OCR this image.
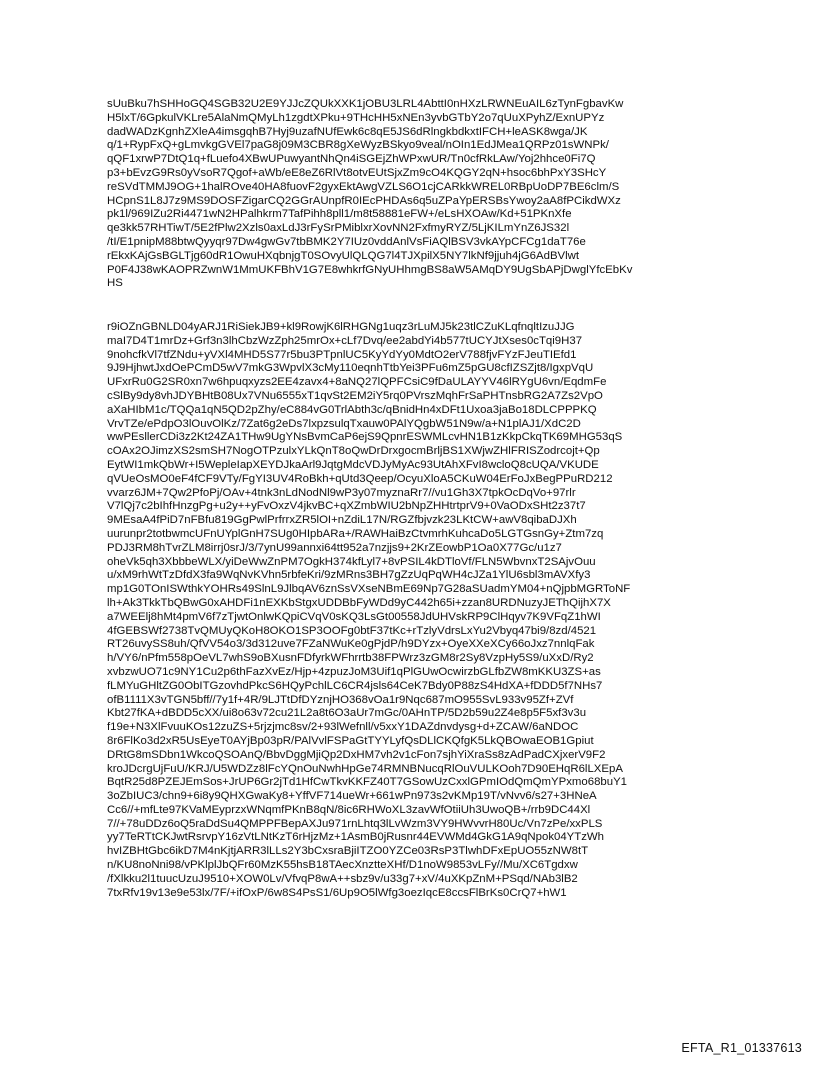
sUuBku7hSHHoGQ4SGB32U2E9YJJcZQUkXXK1jOBU3LRL4AbttI0nHXzLRWNEuAIL6zTynFgbavKw
H5lxT/6GpkulVKLre5AlaNmQMyLh1zgdtXPku+9THcHH5xNEn3yvbGTbY2o7qUuXPyhZ/ExnUPYz
dadWADzKgnhZXleA4imsgqhB7Hyj9uzafNUfEwk6c8qE5JS6dRlngkbdkxtIFCH+leASK8wga/JK
q/1+RypFxQ+gLmvkgGVEl7paG8j09M3CBR8gXeWyzBSkyo9veal/nOIn1EdJMea1QRPz01sWNPk/
qQF1xrwP7DtQ1q+fLuefo4XBwUPuwyantNhQn4iSGEjZhWPxwUR/Tn0cfRkLAw/Yoj2hhce0Fi7Q
p3+bEvzG9Rs0yVsoR7Qgof+aWb/eE8eZ6RlVt8otvEUtSjxZm9cO4KQGY2qN+hsoc6bhPxY3SHcY
reSVdTMMJ9OG+1halROve40HA8fuovF2gyxEktAwgVZLS6O1cjCARkkWREL0RBpUoDP7BE6clm/S
HCpnS1L8J7z9MS9DOSFZigarCQ2GGrAUnpfR0IEcPHDAs6q5uZPaYpERSBsYwoy2aA8fPCikdWXz
pk1l/969IZu2Ri4471wN2HPalhkrm7TafPihh8pll1/m8t58881eFW+/eLsHXOAw/Kd+51PKnXfe
qe3kk57RHTiwT/5E2fPlw2Xzls0axLdJ3rFySrPMiblxrXovNN2FxfmyRYZ/5LjKILmYnZ6JS32l
/tI/E1pnipM88btwQyyqr97Dw4gwGv7tbBMK2Y7IUz0vddAnlVsFiAQlBSV3vkAYpCFCg1daT76e
rEkxKAjGsBGLTjg60dR1OwuHXqbnjgT0SOvyUlQLQG7l4TJXpilX5NY7lkNf9jjuh4jG6AdBVlwt
P0F4J38wKAOPRZwnW1MmUKFBhV1G7E8whkrfGNyUHhmgBS8aW5AMqDY9UgSbAPjDwglYfcEbKv
HS
r9iOZnGBNLD04yARJ1RiSiekJB9+kl9RowjK6lRHGNg1uqz3rLuMJ5k23tlCZuKLqfnqltIzuJJG
maI7D4T1mrDz+Grf3n3lhCbzWzZph25mrOx+cLf7Dvq/ee2abdYi4b577tUCYJtXses0cTqi9H37
9nohcfkVl7tfZNdu+yVXl4MHD5S77r5bu3PTpnlUC5KyYdYy0MdtO2erV788fjvFYzFJeuTIEfd1
9J9HjhwtJxdOePCmD5wV7mkG3WpvlX3cMy110eqnhTtbYei3PFu6mZ5pGU8cfIZSZjt8/IgxpVqU
UFxrRu0G2SR0xn7w6hpuqxyzs2EE4zavx4+8aNQ27lQPFCsiC9fDaULAYYV46lRYgU6vn/EqdmFe
cSlBy9dy8vhJDYBHtB08Ux7VNu6555xT1qvSt2EM2iY5rq0PVrszMqhFrSaPHTnsbRG2A7Zs2VpO
aXaHIbM1c/TQQa1qN5QD2pZhy/eC884vG0TrlAbth3c/qBnidHn4xDFt1Uxoa3jaBo18DLCPPPKQ
VrvTZe/ePdpO3lOuvOlKz/7Zat6g2eDs7lxpzsulqTxauw0PAlYQgbW51N9w/a+N1plAJ1/XdC2D
wwPEsllerCDi3z2Kt24ZA1THw9UgYNsBvmCaP6ejS9QpnrESWMLcvHN1B1zKkpCkqTK69MHG53qS
cOAx2OJimzXS2smSH7NogOTPzulxYLkQnT8oQwDrDrxgocmBrljBS1XWjwZHlFRISZodrcojt+Qp
EytWI1mkQbWr+I5WepleIapXEYDJkaArl9JqtgMdcVDJyMyAc93UtAhXFvI8wcloQ8cUQA/VKUDE
qVUeOsMO0eF4fCF9VTy/FgYI3UV4RoBkh+qUtd3Qeep/OcyuXloA5CKuW04ErFoJxBegPPuRD212
vvarz6JM+7Qw2PfoPj/OAv+4tnk3nLdNodNl9wP3y07myznaRr7//vu1Gh3X7tpkOcDqVo+97rlr
V7lQj7c2bIhfHnzgPg+u2y++yFvOxzV4jkvBC+qXZmbWIU2bNpZHHtrtprV9+0VaODxSHt2z37t7
9MEsaA4fPiD7nFBfu819GgPwlPrfrrxZR5lOI+nZdiL17N/RGZfbjvzk23LKtCW+awV8qibaDJXh
uurunpr2totbwmcUFnUYplGnH7SUg0HIpbARa+/RAWHaiBzCtvmrhKuhcaDo5LGTGsnGy+Ztm7zq
PDJ3RM8hTvrZLM8irrj0srJ/3/7ynU99annxi64tt952a7nzjjs9+2KrZEowbP1Oa0X77Gc/u1z7
oheVk5qh3XbbbeWLX/yiDeWwZnPM7OgkH374kfLyl7+8vPSIL4kDTloVf/FLN5WbvnxT2SAjvOuu
u/xM9rhWtTzDfdX3fa9WqNvKVhn5rbfeKri/9zMRns3BH7gZzUqPqWH4cJZa1YlU6sbl3mAVXfy3
mp1G0TOnISWthkYOHRs49SlnL9JlbqAV6znSsVXseNBmE69Np7G28aSUadmYM04+nQjpbMGRToNF
lh+Ak3TkkTbQBwG0xAHDFi1nEXKbStgxUDDBbFyWDd9yC442h65i+zzan8URDNuzyJEThQijhX7X
a7WEElj8hMt4pmV6f7zTjwtOnlwKQpiCVqV0sKQ3LsGt00558JdUHVskRP9ClHqyv7K9VFqZ1hWI
4fGEBSWf2738TvQMUyQKoH8OKO1SP3OOFg0btF37tKc+rTzlyVdrsLxYu2Vbyq47bi9/8zd/4521
RT26uvySS8uh/QfVV54o3/3d312uve7FZaNWuKe0gPjdP/h9DYzx+OyeXXeXCy66oJxz7nnlqFak
h/VY6/nPfm558pOeVL7whS9oBXusnFDfyrkWFhrrtb38FPWrz3zGM8r2Sy8VzpHy5S9/uXxD/Ry2
xvbzwUO71c9NY1Cu2p6thFazXvEz/Hjp+4zpuzJoM3Uif1qPlGUwOcwirzbGLfbZW8mKKU3ZS+as
fLMYuGHltZG0ObITGzovhdPkcS6HQyPchlLC6CR4jsls64CeK7Bdy0P88zS4HdXA+fDDD5f7NHs7
ofB1111X3vTGN5bff//7y1f+4R/9LJTtDfDYznjHO368vOa1r9Nqc687mO955SvL933v95Zf+ZVf
Kbt27fKA+dBDD5cXX/ui8o63v72cu21L2a8t6O3aUr7mGc/0AHnTP/5D2b59u2Z4e8p5F5xf3v3u
f19e+N3XlFvuuKOs12zuZS+5rjzjmc8sv/2+93lWefnll/v5xxY1DAZdnvdysg+d+ZCAW/6aNDOC
8r6FlKo3d2xR5UsEyeT0AYjBp03pR/PAlVvlFSPaGtTYYLyfQsDLlCKQfgK5LkQBOwaEOB1Gpiut
DRtG8mSDbn1WkcoQSOAnQ/BbvDggMjiQp2DxHM7vh2v1cFon7sjhYiXraSs8zAdPadCXjxerV9F2
kroJDcrgUjFuU/KRJ/U5WDZz8lFcYQnOuNwhHpGe74RMNBNucqRlOuVULKOoh7D90EHqR6lLXEpA
BqtR25d8PZEJEmSos+JrUP6Gr2jTd1HfCwTkvKKFZ40T7GSowUzCxxlGPmIOdQmQmYPxmo68buY1
3oZbIUC3/chn9+6i8y9QHXGwaKy8+YffVF714ueWr+661wPn973s2vKMp19T/vNvv6/s27+3HNeA
Cc6//+mfLte97KVaMEyprzxWNqmfPKnB8qN/8ic6RHWoXL3zavWfOtiiUh3UwoQB+/rrb9DC44Xl
7//+78uDDz6oQ5raDdSu4QMPPFBepAXJu971rnLhtq3lLvWzm3VY9HWvvrH80Uc/Vn7zPe/xxPLS
yy7TeRTtCKJwtRsrvpY16zVtLNtKzT6rHjzMz+1AsmB0jRusnr44EVWMd4GkG1A9qNpok04YTzWh
hvIZBHtGbc6ikD7M4nKjtjARR3lLLs2Y3bCxsraBjiITZO0YZCe03RsP3TlwhDFxEpUO55zNW8tT
n/KU8noNni98/vPKlplJbQFr60MzK55hsB18TAecXnztteXHf/D1noW9853vLFy//Mu/XC6Tgdxw
/fXlkku2l1tuucUzuJ9510+XOW0Lv/VfvqP8wA++sbz9v/u33g7+xV/4uXKpZnM+PSqd/NAb3lB2
7txRfv19v13e9e53lx/7F/+ifOxP/6w8S4PsS1/6Up9O5lWfg3oezIqcE8ccsFlBrKs0CrQ7+hW1
EFTA_R1_01337613
